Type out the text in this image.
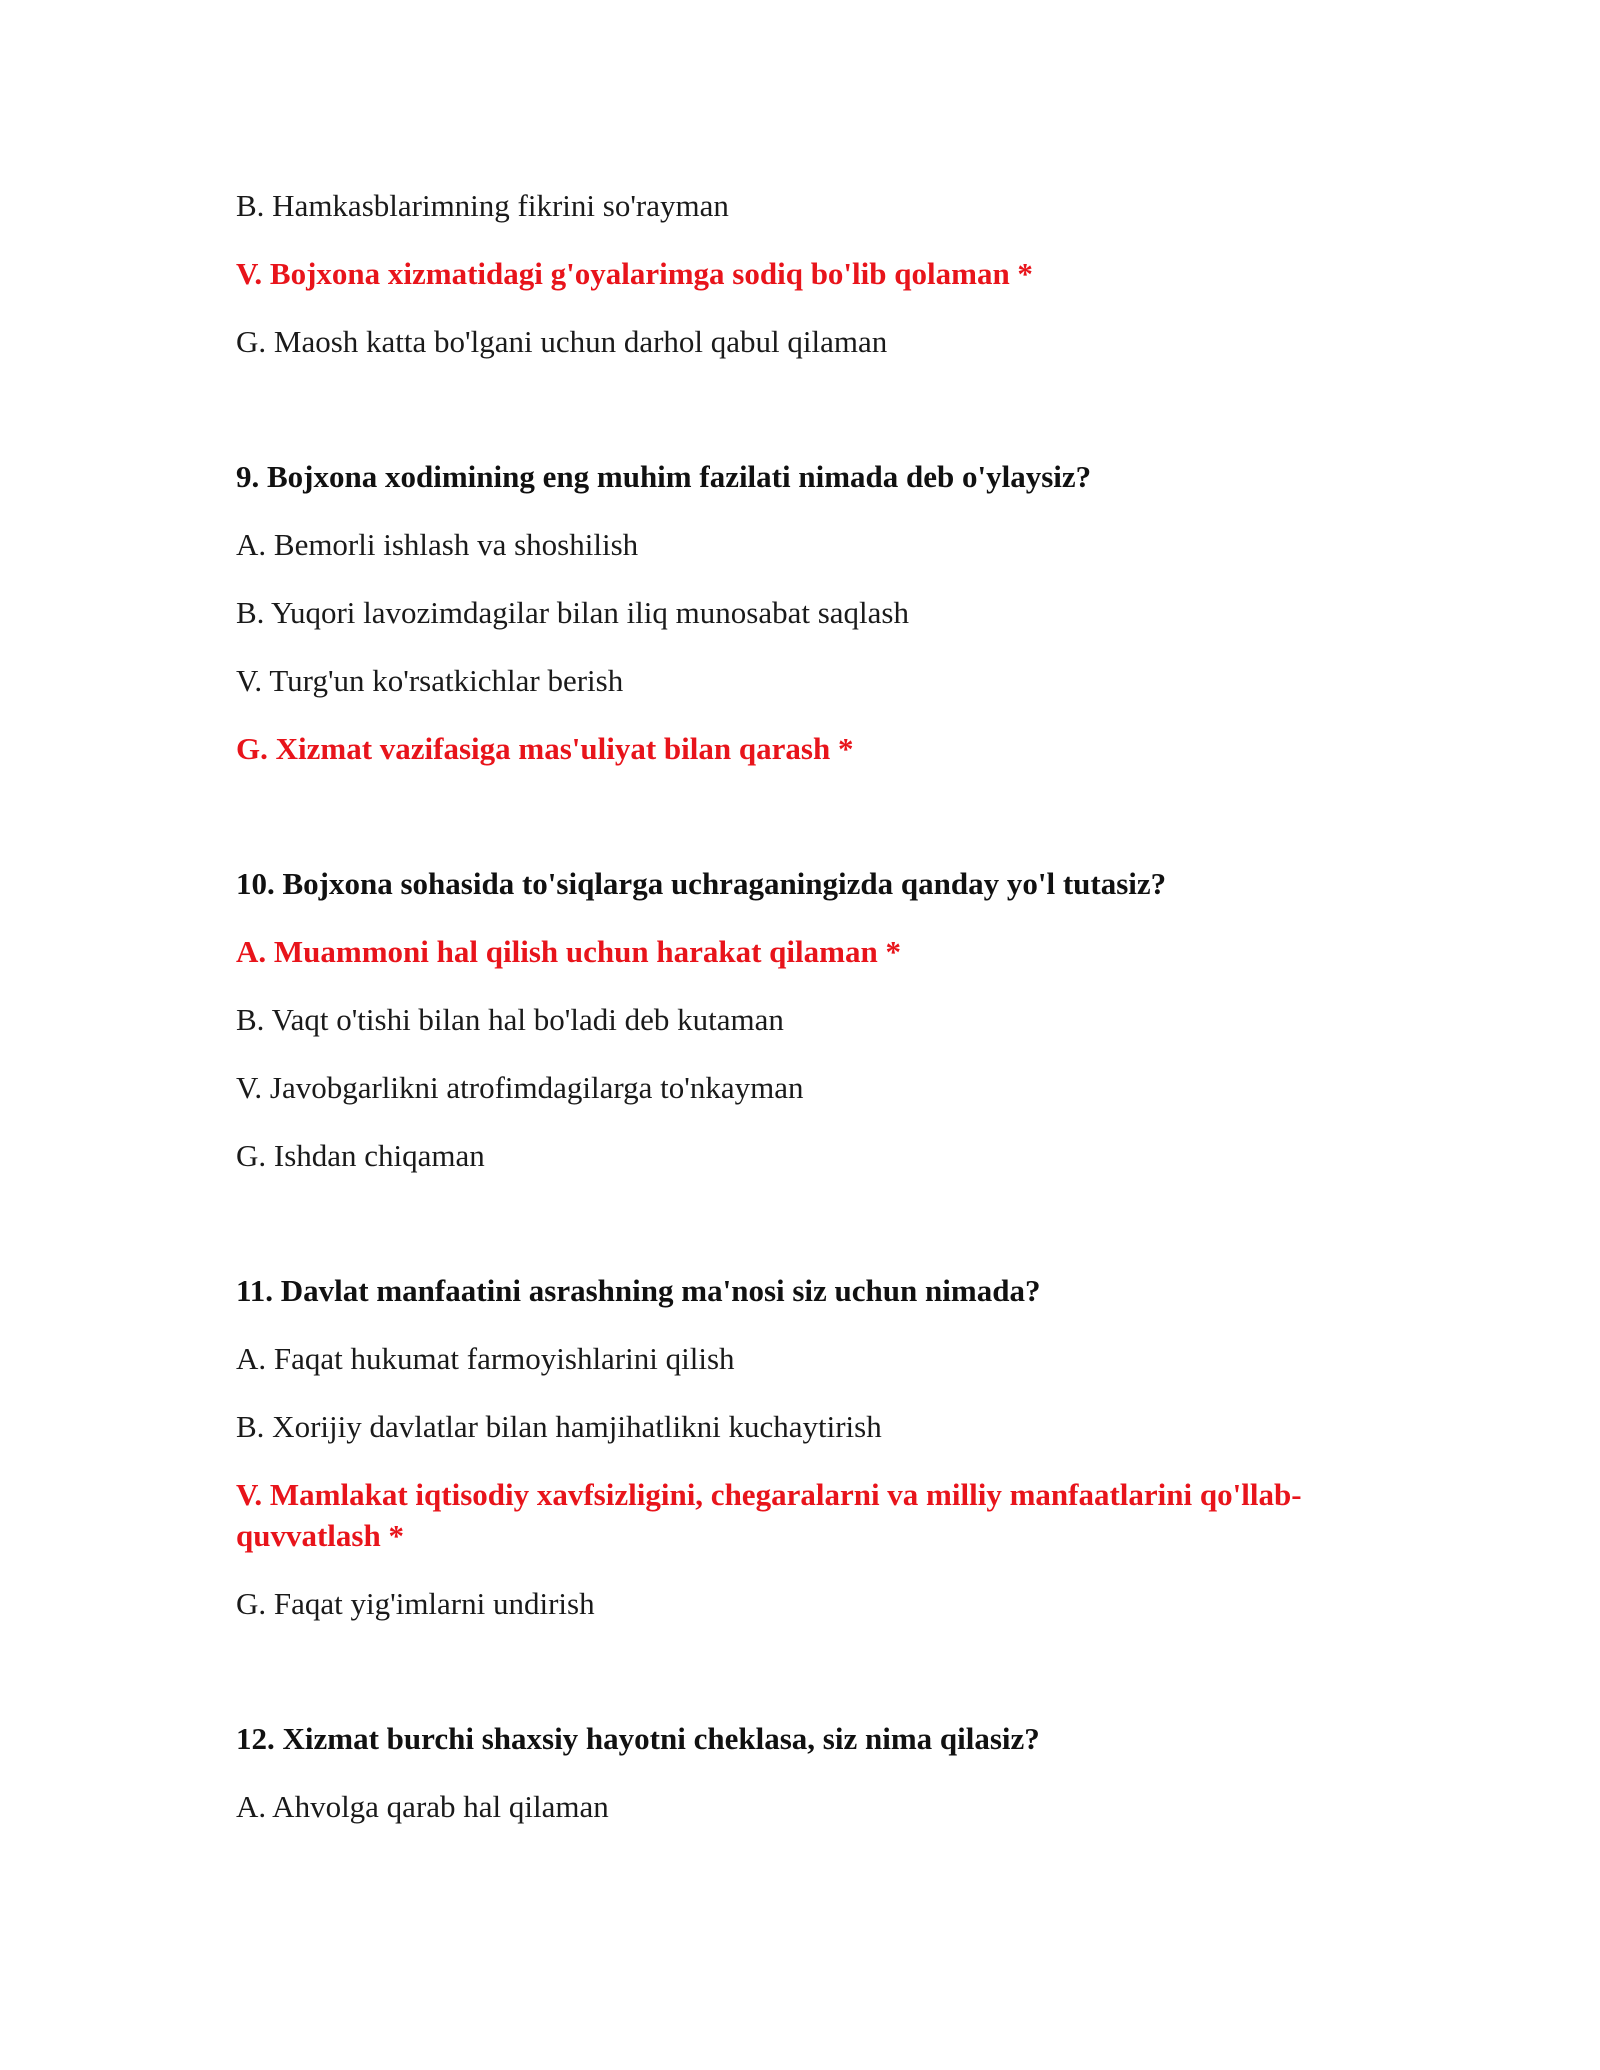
B. Hamkasblarimning fikrini so'rayman

V. Bojxona xizmatidagi g'oyalarimga sodiq bo'lib qolaman *

G. Maosh katta bo'lgani uchun darhol qabul qilaman

9. Bojxona xodimining eng muhim fazilati nimada deb o'ylaysiz?

A. Bemorli ishlash va shoshilish

B. Yuqori lavozimdagilar bilan iliq munosabat saqlash

V. Turg'un ko'rsatkichlar berish

G. Xizmat vazifasiga mas'uliyat bilan qarash *

10. Bojxona sohasida to'siqlarga uchraganingizda qanday yo'l tutasiz?

A. Muammoni hal qilish uchun harakat qilaman *

B. Vaqt o'tishi bilan hal bo'ladi deb kutaman

V. Javobgarlikni atrofimdagilarga to'nkayman

G. Ishdan chiqaman

11. Davlat manfaatini asrashning ma'nosi siz uchun nimada?

A. Faqat hukumat farmoyishlarini qilish

B. Xorijiy davlatlar bilan hamjihatlikni kuchaytirish

V. Mamlakat iqtisodiy xavfsizligini, chegaralarni va milliy manfaatlarini qo'llab-quvvatlash *

G. Faqat yig'imlarni undirish

12. Xizmat burchi shaxsiy hayotni cheklasa, siz nima qilasiz?

A. Ahvolga qarab hal qilaman
